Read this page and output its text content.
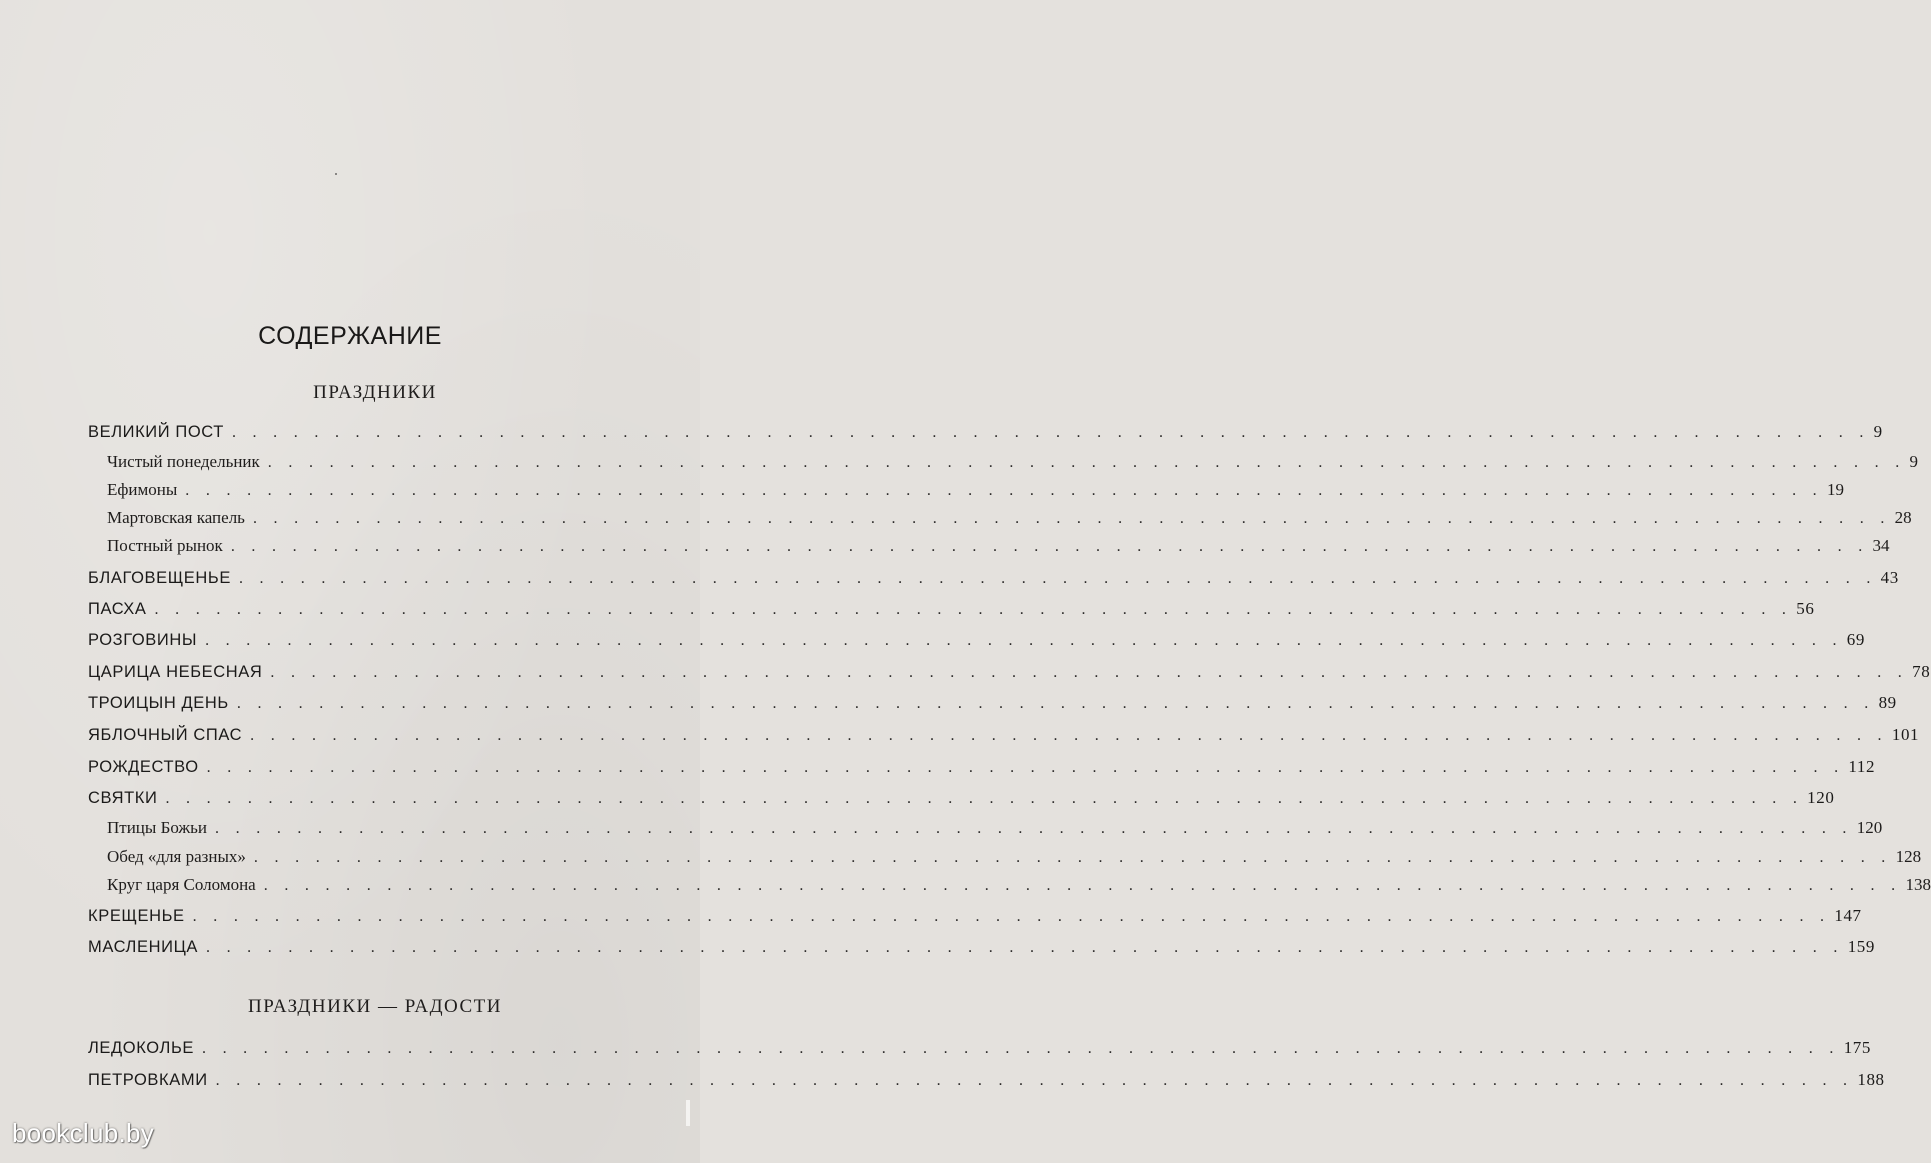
СОДЕРЖАНИЕ
ПРАЗДНИКИ
ВЕЛИКИЙ ПОСТ . . . . . . . . . . . . . . . . . . . . . . . . . . . . . . . . . . . . . . . . . . . . . . . . . . . . . . . . . . . . . . . . . . . . . . . . . . . . . . . . 9
Чистый понедельник . . . . . . . . . . . . . . . . . . . . . . . . . . . . . . . . . . . . . . . . . . . . . . . . . . . . . . . . . . . . . . . . . . . . . . . . . . . . . . . . 9
Ефимоны . . . . . . . . . . . . . . . . . . . . . . . . . . . . . . . . . . . . . . . . . . . . . . . . . . . . . . . . . . . . . . . . . . . . . . . . . . . . . . . . 19
Мартовская капель . . . . . . . . . . . . . . . . . . . . . . . . . . . . . . . . . . . . . . . . . . . . . . . . . . . . . . . . . . . . . . . . . . . . . . . . . . . . . . . . 28
Постный рынок . . . . . . . . . . . . . . . . . . . . . . . . . . . . . . . . . . . . . . . . . . . . . . . . . . . . . . . . . . . . . . . . . . . . . . . . . . . . . . . . 34
БЛАГОВЕЩЕНЬЕ . . . . . . . . . . . . . . . . . . . . . . . . . . . . . . . . . . . . . . . . . . . . . . . . . . . . . . . . . . . . . . . . . . . . . . . . . . . . . . . . 43
ПАСХА . . . . . . . . . . . . . . . . . . . . . . . . . . . . . . . . . . . . . . . . . . . . . . . . . . . . . . . . . . . . . . . . . . . . . . . . . . . . . . . . 56
РОЗГОВИНЫ . . . . . . . . . . . . . . . . . . . . . . . . . . . . . . . . . . . . . . . . . . . . . . . . . . . . . . . . . . . . . . . . . . . . . . . . . . . . . . . . 69
ЦАРИЦА НЕБЕСНАЯ . . . . . . . . . . . . . . . . . . . . . . . . . . . . . . . . . . . . . . . . . . . . . . . . . . . . . . . . . . . . . . . . . . . . . . . . . . . . . . . . 78
ТРОИЦЫН ДЕНЬ . . . . . . . . . . . . . . . . . . . . . . . . . . . . . . . . . . . . . . . . . . . . . . . . . . . . . . . . . . . . . . . . . . . . . . . . . . . . . . . . 89
ЯБЛОЧНЫЙ СПАС . . . . . . . . . . . . . . . . . . . . . . . . . . . . . . . . . . . . . . . . . . . . . . . . . . . . . . . . . . . . . . . . . . . . . . . . . . . . . . . . 101
РОЖДЕСТВО . . . . . . . . . . . . . . . . . . . . . . . . . . . . . . . . . . . . . . . . . . . . . . . . . . . . . . . . . . . . . . . . . . . . . . . . . . . . . . . . 112
СВЯТКИ . . . . . . . . . . . . . . . . . . . . . . . . . . . . . . . . . . . . . . . . . . . . . . . . . . . . . . . . . . . . . . . . . . . . . . . . . . . . . . . . 120
Птицы Божьи . . . . . . . . . . . . . . . . . . . . . . . . . . . . . . . . . . . . . . . . . . . . . . . . . . . . . . . . . . . . . . . . . . . . . . . . . . . . . . . . 120
Обед «для разных» . . . . . . . . . . . . . . . . . . . . . . . . . . . . . . . . . . . . . . . . . . . . . . . . . . . . . . . . . . . . . . . . . . . . . . . . . . . . . . . . 128
Круг царя Соломона . . . . . . . . . . . . . . . . . . . . . . . . . . . . . . . . . . . . . . . . . . . . . . . . . . . . . . . . . . . . . . . . . . . . . . . . . . . . . . . . 138
КРЕЩЕНЬЕ . . . . . . . . . . . . . . . . . . . . . . . . . . . . . . . . . . . . . . . . . . . . . . . . . . . . . . . . . . . . . . . . . . . . . . . . . . . . . . . . 147
МАСЛЕНИЦА . . . . . . . . . . . . . . . . . . . . . . . . . . . . . . . . . . . . . . . . . . . . . . . . . . . . . . . . . . . . . . . . . . . . . . . . . . . . . . . . 159
ПРАЗДНИКИ — РАДОСТИ
ЛЕДОКОЛЬЕ . . . . . . . . . . . . . . . . . . . . . . . . . . . . . . . . . . . . . . . . . . . . . . . . . . . . . . . . . . . . . . . . . . . . . . . . . . . . . . . . 175
ПЕТРОВКАМИ . . . . . . . . . . . . . . . . . . . . . . . . . . . . . . . . . . . . . . . . . . . . . . . . . . . . . . . . . . . . . . . . . . . . . . . . . . . . . . . . 188
bookclub.by
